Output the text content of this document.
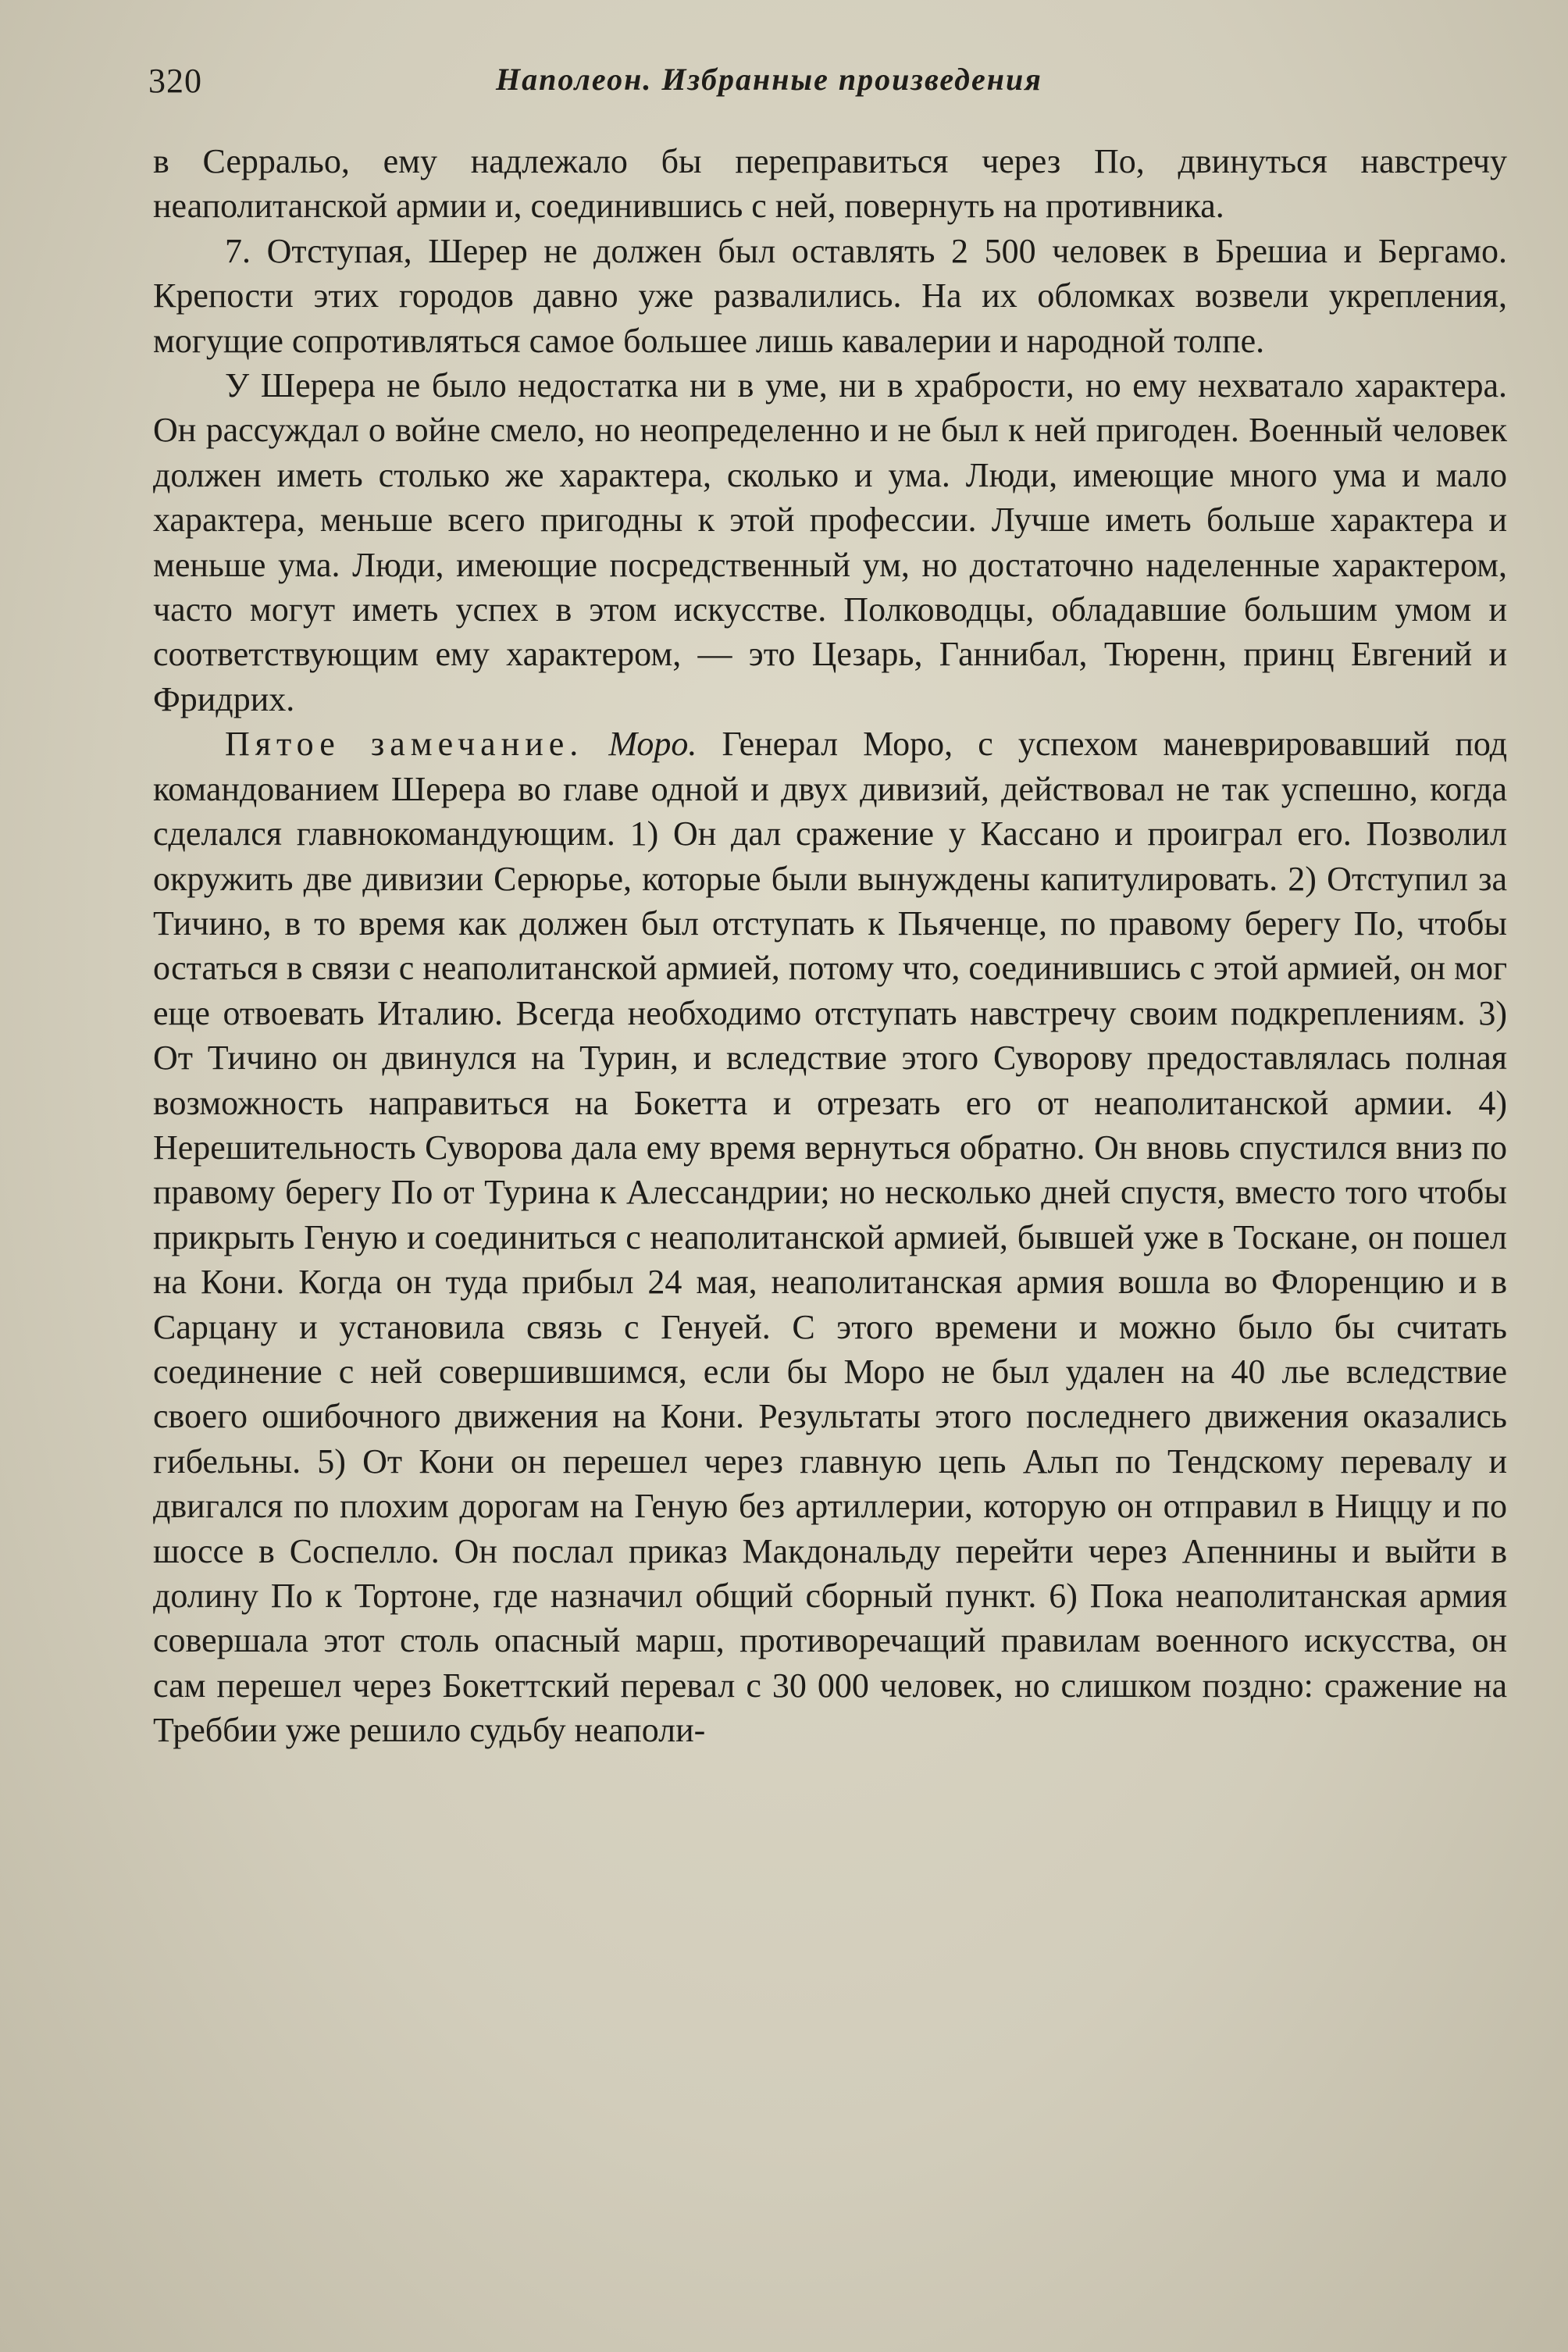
320	Наполеон. Избранные произведения

в Серральо, ему надлежало бы переправиться через По, двинуться навстречу неаполитанской армии и, соединившись с ней, повернуть на противника.

7. Отступая, Шерер не должен был оставлять 2 500 человек в Брешиа и Бергамо. Крепости этих городов давно уже развалились. На их обломках возвели укрепления, могущие сопротивляться самое большее лишь кавалерии и народной толпе.

У Шерера не было недостатка ни в уме, ни в храбрости, но ему нехватало характера. Он рассуждал о войне смело, но неопределенно и не был к ней пригоден. Военный человек должен иметь столько же характера, сколько и ума. Люди, имеющие много ума и мало характера, меньше всего пригодны к этой профессии. Лучше иметь больше характера и меньше ума. Люди, имеющие посредственный ум, но достаточно наделенные характером, часто могут иметь успех в этом искусстве. Полководцы, обладавшие большим умом и соответствующим ему характером, — это Цезарь, Ганнибал, Тюренн, принц Евгений и Фридрих.

Пятое замечание. Моро. Генерал Моро, с успехом маневрировавший под командованием Шерера во главе одной и двух дивизий, действовал не так успешно, когда сделался главнокомандующим. 1) Он дал сражение у Кассано и проиграл его. Позволил окружить две дивизии Серюрье, которые были вынуждены капитулировать. 2) Отступил за Тичино, в то время как должен был отступать к Пьяченце, по правому берегу По, чтобы остаться в связи с неаполитанской армией, потому что, соединившись с этой армией, он мог еще отвоевать Италию. Всегда необходимо отступать навстречу своим подкреплениям. 3) От Тичино он двинулся на Турин, и вследствие этого Суворову предоставлялась полная возможность направиться на Бокетта и отрезать его от неаполитанской армии. 4) Нерешительность Суворова дала ему время вернуться обратно. Он вновь спустился вниз по правому берегу По от Турина к Алессандрии; но несколько дней спустя, вместо того чтобы прикрыть Геную и соединиться с неаполитанской армией, бывшей уже в Тоскане, он пошел на Кони. Когда он туда прибыл 24 мая, неаполитанская армия вошла во Флоренцию и в Сарцану и установила связь с Генуей. С этого времени и можно было бы считать соединение с ней совершившимся, если бы Моро не был удален на 40 лье вследствие своего ошибочного движения на Кони. Результаты этого последнего движения оказались гибельны. 5) От Кони он перешел через главную цепь Альп по Тендскому перевалу и двигался по плохим дорогам на Геную без артиллерии, которую он отправил в Ниццу и по шоссе в Соспелло. Он послал приказ Макдональду перейти через Апеннины и выйти в долину По к Тортоне, где назначил общий сборный пункт. 6) Пока неаполитанская армия совершала этот столь опасный марш, противоречащий правилам военного искусства, он сам перешел через Бокеттский перевал с 30 000 человек, но слишком поздно: сражение на Треббии уже решило судьбу неаполи-
